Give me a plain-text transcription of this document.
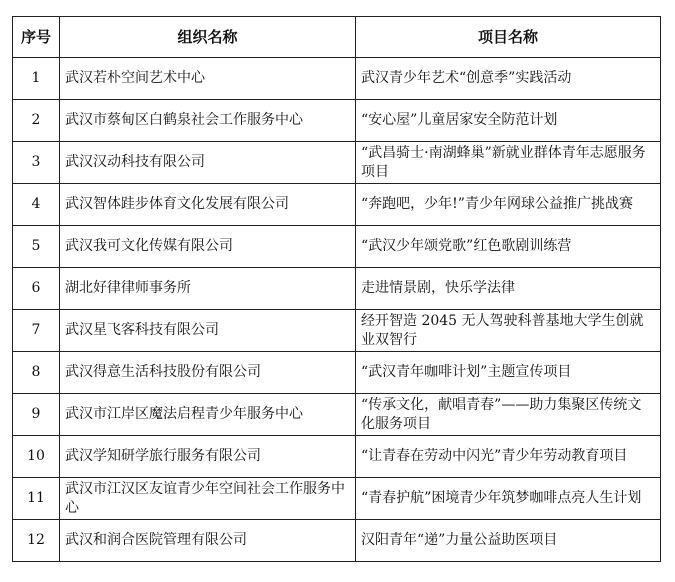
序号	组织名称	项目名称
1	武汉若朴空间艺术中心	武汉青少年艺术“创意季”实践活动
2	武汉市蔡甸区白鹤泉社会工作服务中心	“安心屋”儿童居家安全防范计划
3	武汉汉动科技有限公司	“武昌骑士·南湖蜂巢”新就业群体青年志愿服务项目
4	武汉智体跬步体育文化发展有限公司	“奔跑吧，少年!”青少年网球公益推广挑战赛
5	武汉我可文化传媒有限公司	“武汉少年颂党歌”红色歌剧训练营
6	湖北好律律师事务所	走进情景剧，快乐学法律
7	武汉星飞客科技有限公司	经开智造 2045 无人驾驶科普基地大学生创就业双智行
8	武汉得意生活科技股份有限公司	“武汉青年咖啡计划”主题宣传项目
9	武汉市江岸区魔法启程青少年服务中心	“传承文化，献唱青春”——助力集聚区传统文化服务项目
10	武汉学知研学旅行服务有限公司	“让青春在劳动中闪光”青少年劳动教育项目
11	武汉市江汉区友谊青少年空间社会工作服务中心	“青春护航”困境青少年筑梦咖啡点亮人生计划
12	武汉和润合医院管理有限公司	汉阳青年“递”力量公益助医项目
